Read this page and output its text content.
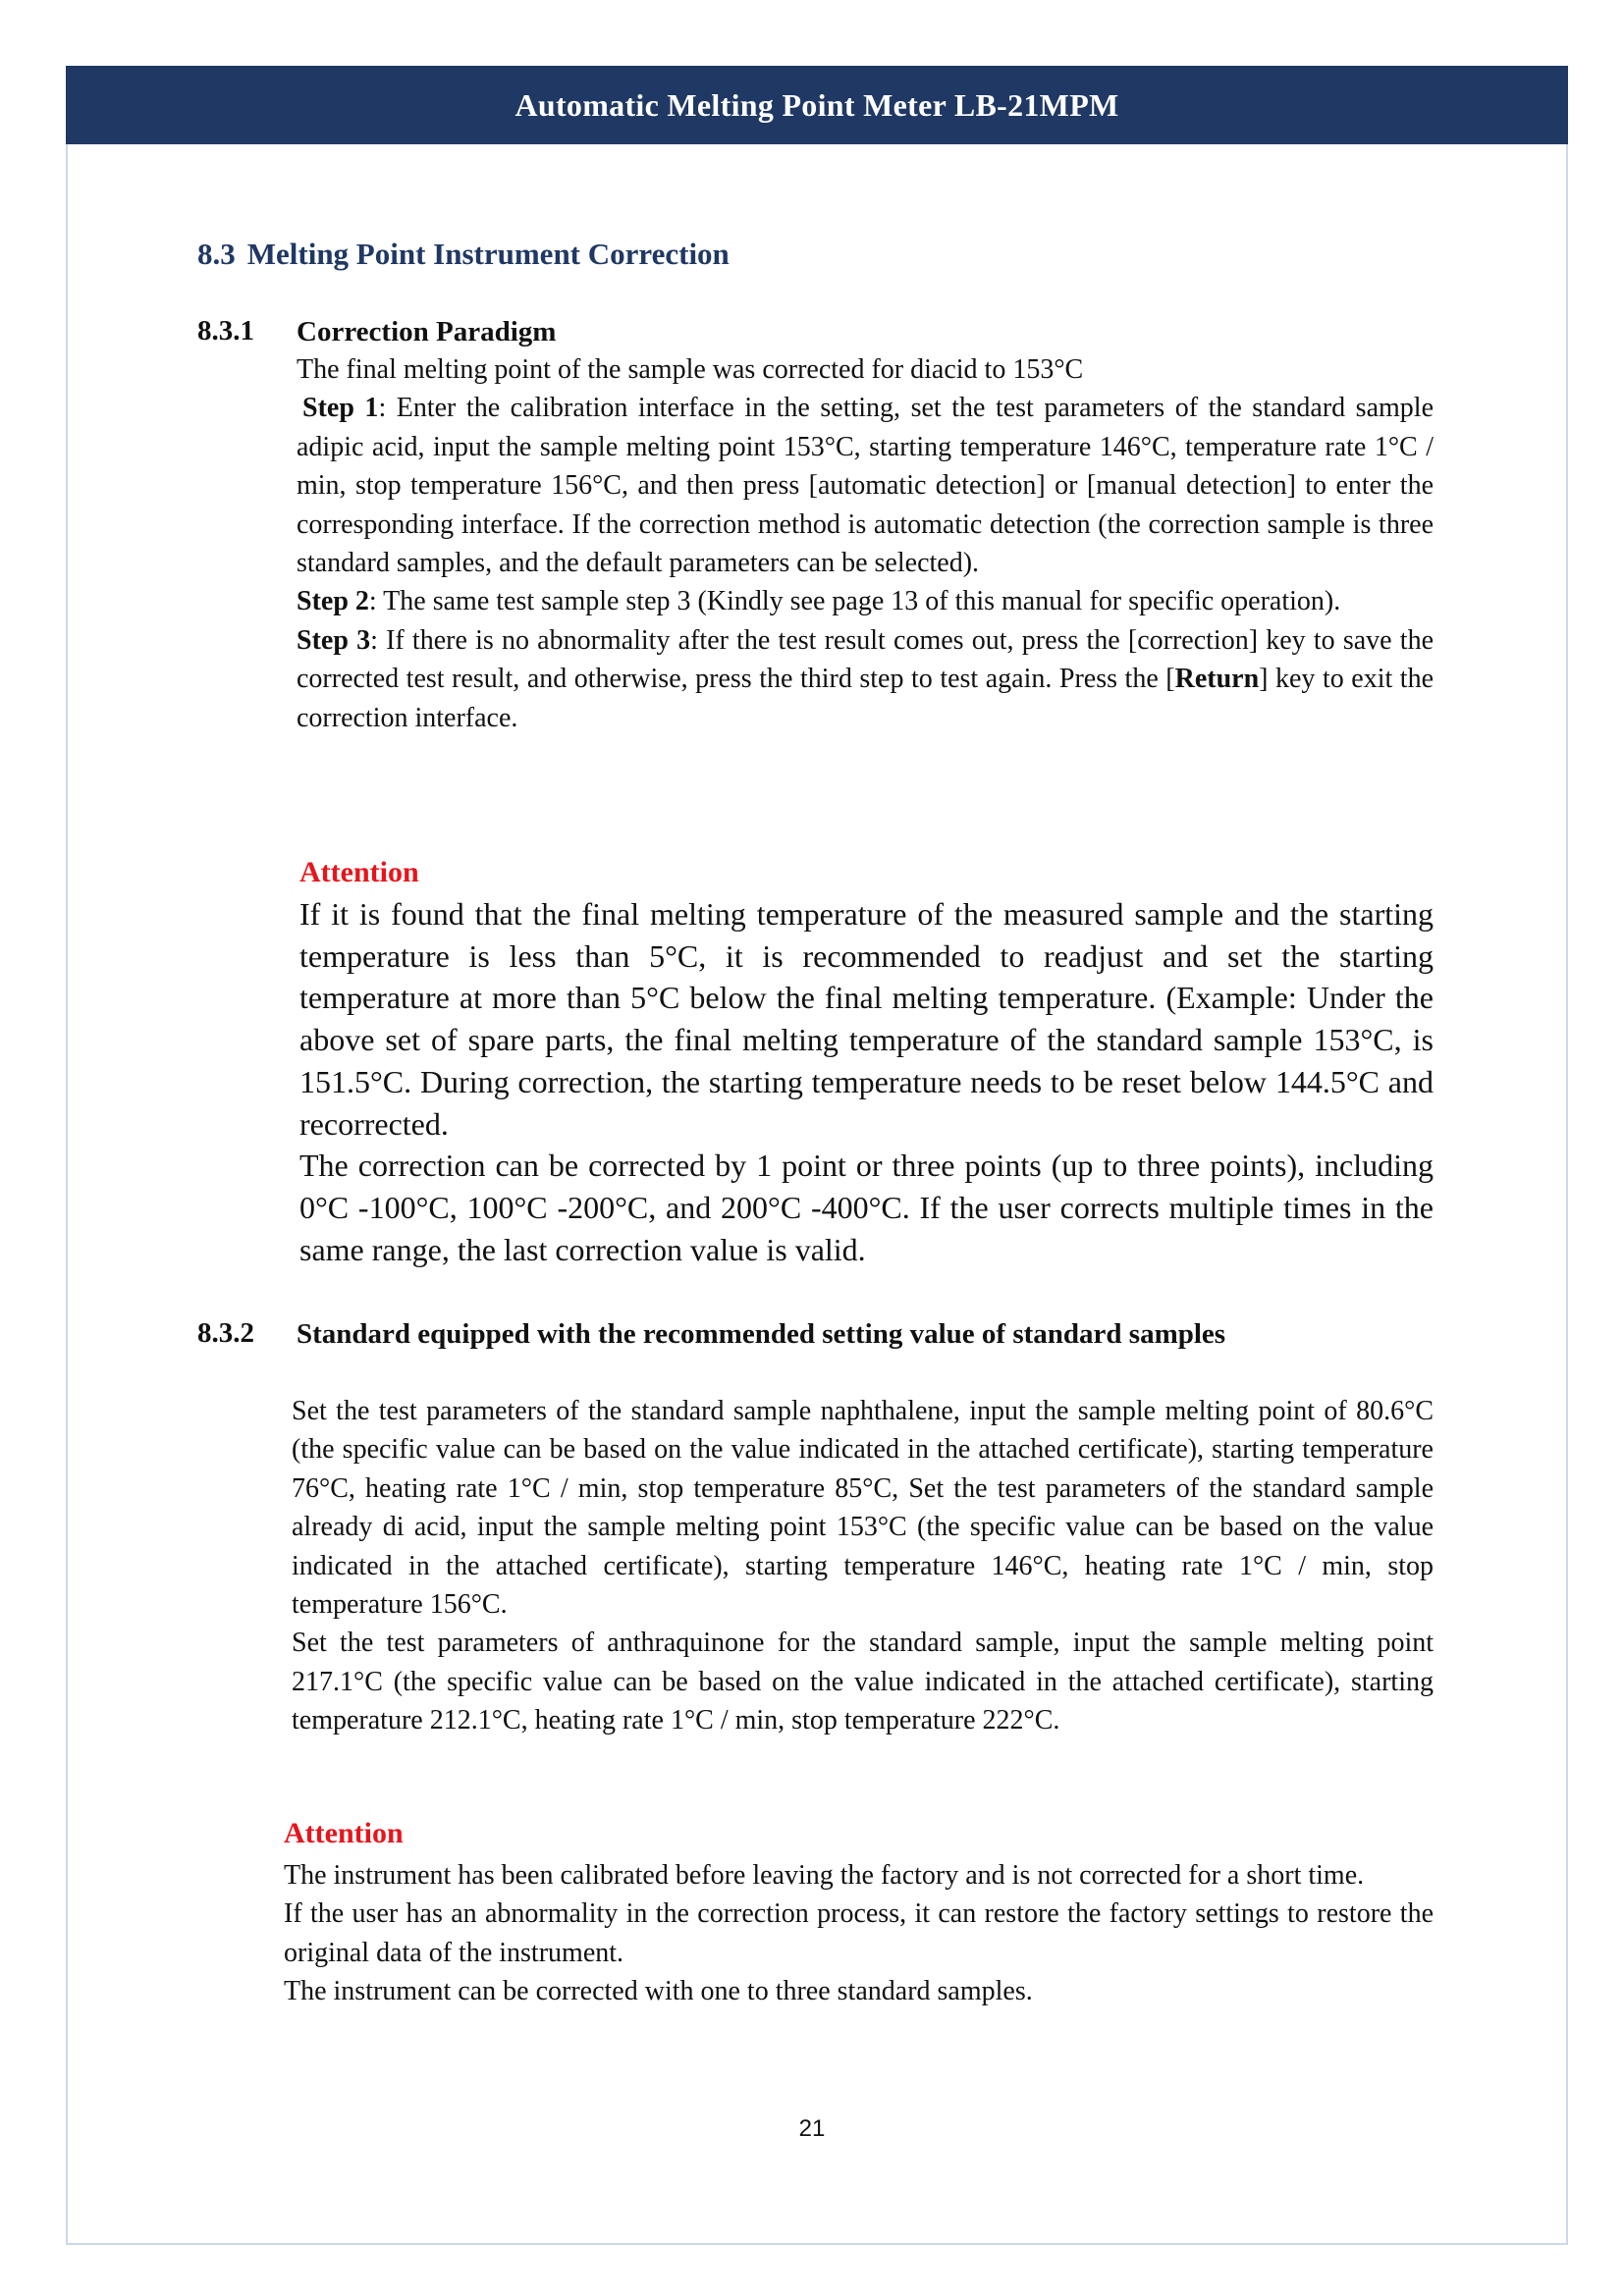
Automatic Melting Point Meter LB-21MPM
8.3 Melting Point Instrument Correction
8.3.1 Correction Paradigm

The final melting point of the sample was corrected for diacid to 153°C

Step 1: Enter the calibration interface in the setting, set the test parameters of the standard sample adipic acid, input the sample melting point 153°C, starting temperature 146°C, temperature rate 1°C / min, stop temperature 156°C, and then press [automatic detection] or [manual detection] to enter the corresponding interface. If the correction method is automatic detection (the correction sample is three standard samples, and the default parameters can be selected).

Step 2: The same test sample step 3 (Kindly see page 13 of this manual for specific operation).

Step 3: If there is no abnormality after the test result comes out, press the [correction] key to save the corrected test result, and otherwise, press the third step to test again. Press the [Return] key to exit the correction interface.

Attention

If it is found that the final melting temperature of the measured sample and the starting temperature is less than 5°C, it is recommended to readjust and set the starting temperature at more than 5°C below the final melting temperature. (Example: Under the above set of spare parts, the final melting temperature of the standard sample 153°C, is 151.5°C. During correction, the starting temperature needs to be reset below 144.5°C and recorrected.

The correction can be corrected by 1 point or three points (up to three points), including 0°C -100°C, 100°C -200°C, and 200°C -400°C. If the user corrects multiple times in the same range, the last correction value is valid.

8.3.2 Standard equipped with the recommended setting value of standard samples

Set the test parameters of the standard sample naphthalene, input the sample melting point of 80.6°C (the specific value can be based on the value indicated in the attached certificate), starting temperature 76°C, heating rate 1°C / min, stop temperature 85°C, Set the test parameters of the standard sample already di acid, input the sample melting point 153°C (the specific value can be based on the value indicated in the attached certificate), starting temperature 146°C, heating rate 1°C / min, stop temperature 156°C.

Set the test parameters of anthraquinone for the standard sample, input the sample melting point 217.1°C (the specific value can be based on the value indicated in the attached certificate), starting temperature 212.1°C, heating rate 1°C / min, stop temperature 222°C.

Attention

The instrument has been calibrated before leaving the factory and is not corrected for a short time.

If the user has an abnormality in the correction process, it can restore the factory settings to restore the original data of the instrument.

The instrument can be corrected with one to three standard samples.

21
